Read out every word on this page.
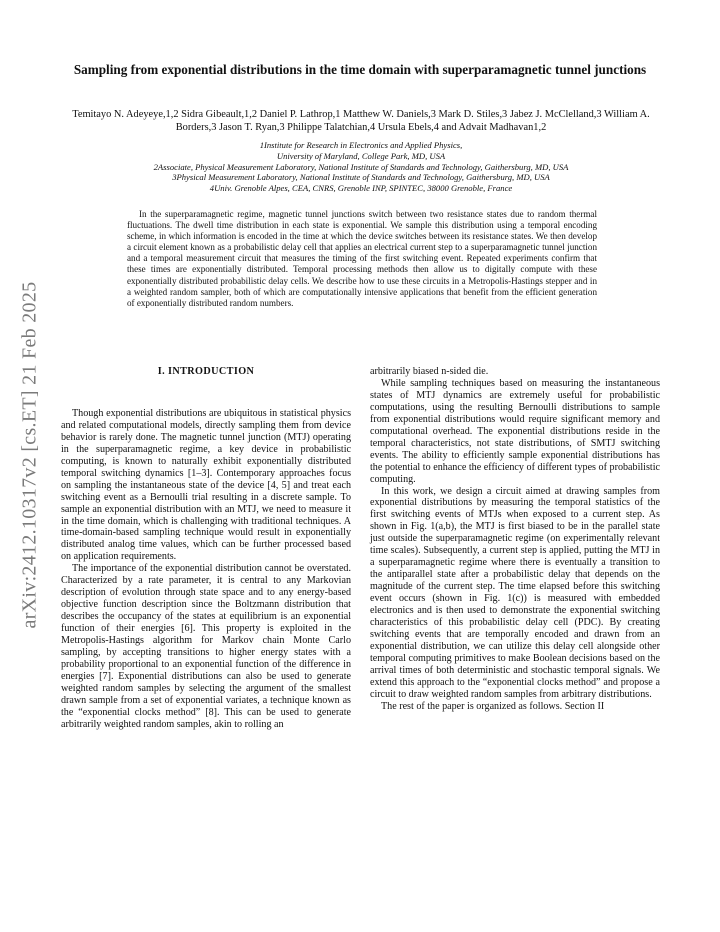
arXiv:2412.10317v2 [cs.ET] 21 Feb 2025
Sampling from exponential distributions in the time domain with superparamagnetic tunnel junctions
Temitayo N. Adeyeye,1,2 Sidra Gibeault,1,2 Daniel P. Lathrop,1 Matthew W. Daniels,3 Mark D. Stiles,3 Jabez J. McClelland,3 William A. Borders,3 Jason T. Ryan,3 Philippe Talatchian,4 Ursula Ebels,4 and Advait Madhavan1,2
1Institute for Research in Electronics and Applied Physics,
University of Maryland, College Park, MD, USA
2Associate, Physical Measurement Laboratory, National Institute of Standards and Technology, Gaithersburg, MD, USA
3Physical Measurement Laboratory, National Institute of Standards and Technology, Gaithersburg, MD, USA
4Univ. Grenoble Alpes, CEA, CNRS, Grenoble INP, SPINTEC, 38000 Grenoble, France
In the superparamagnetic regime, magnetic tunnel junctions switch between two resistance states due to random thermal fluctuations. The dwell time distribution in each state is exponential. We sample this distribution using a temporal encoding scheme, in which information is encoded in the time at which the device switches between its resistance states. We then develop a circuit element known as a probabilistic delay cell that applies an electrical current step to a superparamagnetic tunnel junction and a temporal measurement circuit that measures the timing of the first switching event. Repeated experiments confirm that these times are exponentially distributed. Temporal processing methods then allow us to digitally compute with these exponentially distributed probabilistic delay cells. We describe how to use these circuits in a Metropolis-Hastings stepper and in a weighted random sampler, both of which are computationally intensive applications that benefit from the efficient generation of exponentially distributed random numbers.
I. INTRODUCTION

Though exponential distributions are ubiquitous in statistical physics and related computational models, directly sampling them from device behavior is rarely done. The magnetic tunnel junction (MTJ) operating in the superparamagnetic regime, a key device in probabilistic computing, is known to naturally exhibit exponentially distributed temporal switching dynamics [1–3]. Contemporary approaches focus on sampling the instantaneous state of the device [4, 5] and treat each switching event as a Bernoulli trial resulting in a discrete sample. To sample an exponential distribution with an MTJ, we need to measure it in the time domain, which is challenging with traditional techniques. A time-domain-based sampling technique would result in exponentially distributed analog time values, which can be further processed based on application requirements.

The importance of the exponential distribution cannot be overstated. Characterized by a rate parameter, it is central to any Markovian description of evolution through state space and to any energy-based objective function description since the Boltzmann distribution that describes the occupancy of the states at equilibrium is an exponential function of their energies [6]. This property is exploited in the Metropolis-Hastings algorithm for Markov chain Monte Carlo sampling, by accepting transitions to higher energy states with a probability proportional to an exponential function of the difference in energies [7]. Exponential distributions can also be used to generate weighted random samples by selecting the argument of the smallest drawn sample from a set of exponential variates, a technique known as the “exponential clocks method” [8]. This can be used to generate arbitrarily weighted random samples, akin to rolling an

arbitrarily biased n-sided die.

While sampling techniques based on measuring the instantaneous states of MTJ dynamics are extremely useful for probabilistic computations, using the resulting Bernoulli distributions to sample from exponential distributions would require significant memory and computational overhead. The exponential distributions reside in the temporal characteristics, not state distributions, of SMTJ switching events. The ability to efficiently sample exponential distributions has the potential to enhance the efficiency of different types of probabilistic computing.

In this work, we design a circuit aimed at drawing samples from exponential distributions by measuring the temporal statistics of the first switching events of MTJs when exposed to a current step. As shown in Fig. 1(a,b), the MTJ is first biased to be in the parallel state just outside the superparamagnetic regime (on experimentally relevant time scales). Subsequently, a current step is applied, putting the MTJ in a superparamagnetic regime where there is eventually a transition to the antiparallel state after a probabilistic delay that depends on the magnitude of the current step. The time elapsed before this switching event occurs (shown in Fig. 1(c)) is measured with embedded electronics and is then used to demonstrate the exponential switching characteristics of this probabilistic delay cell (PDC). By creating switching events that are temporally encoded and drawn from an exponential distribution, we can utilize this delay cell alongside other temporal computing primitives to make Boolean decisions based on the arrival times of both deterministic and stochastic temporal signals. We extend this approach to the “exponential clocks method” and propose a circuit to draw weighted random samples from arbitrary distributions.

The rest of the paper is organized as follows. Section II
